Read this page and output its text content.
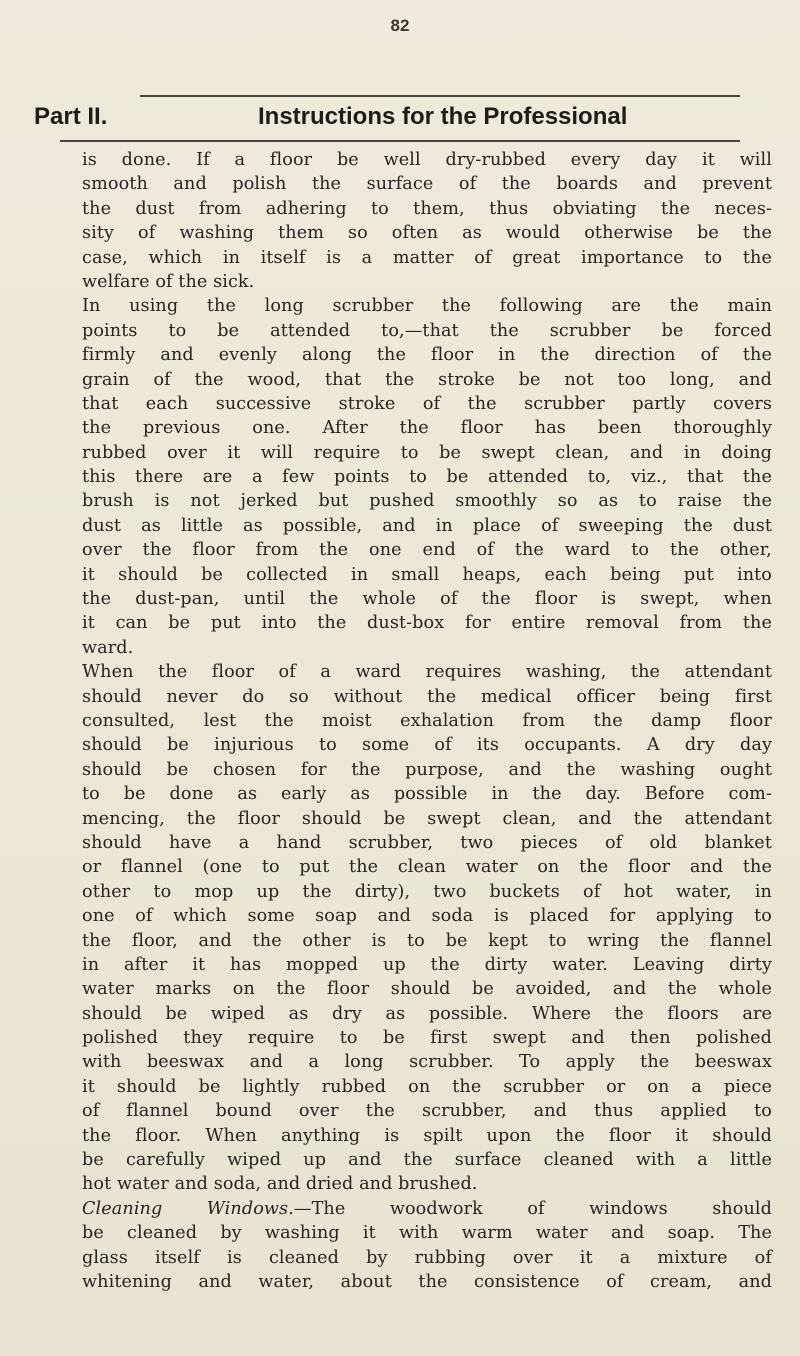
82
Part II.	Instructions for the Professional
is done. If a floor be well dry-rubbed every day it will
smooth and polish the surface of the boards and prevent
the dust from adhering to them, thus obviating the neces-
sity of washing them so often as would otherwise be the
case, which in itself is a matter of great importance to the
welfare of the sick.
In using the long scrubber the following are the main
points to be attended to,—that the scrubber be forced
firmly and evenly along the floor in the direction of the
grain of the wood, that the stroke be not too long, and
that each successive stroke of the scrubber partly covers
the previous one. After the floor has been thoroughly
rubbed over it will require to be swept clean, and in doing
this there are a few points to be attended to, viz., that the
brush is not jerked but pushed smoothly so as to raise the
dust as little as possible, and in place of sweeping the dust
over the floor from the one end of the ward to the other,
it should be collected in small heaps, each being put into
the dust-pan, until the whole of the floor is swept, when
it can be put into the dust-box for entire removal from the
ward.
When the floor of a ward requires washing, the attendant
should never do so without the medical officer being first
consulted, lest the moist exhalation from the damp floor
should be injurious to some of its occupants. A dry day
should be chosen for the purpose, and the washing ought
to be done as early as possible in the day. Before com-
mencing, the floor should be swept clean, and the attendant
should have a hand scrubber, two pieces of old blanket
or flannel (one to put the clean water on the floor and the
other to mop up the dirty), two buckets of hot water, in
one of which some soap and soda is placed for applying to
the floor, and the other is to be kept to wring the flannel
in after it has mopped up the dirty water. Leaving dirty
water marks on the floor should be avoided, and the whole
should be wiped as dry as possible. Where the floors are
polished they require to be first swept and then polished
with beeswax and a long scrubber. To apply the beeswax
it should be lightly rubbed on the scrubber or on a piece
of flannel bound over the scrubber, and thus applied to
the floor. When anything is spilt upon the floor it should
be carefully wiped up and the surface cleaned with a little
hot water and soda, and dried and brushed.
Cleaning Windows.—The woodwork of windows should
be cleaned by washing it with warm water and soap. The
glass itself is cleaned by rubbing over it a mixture of
whitening and water, about the consistence of cream, and
